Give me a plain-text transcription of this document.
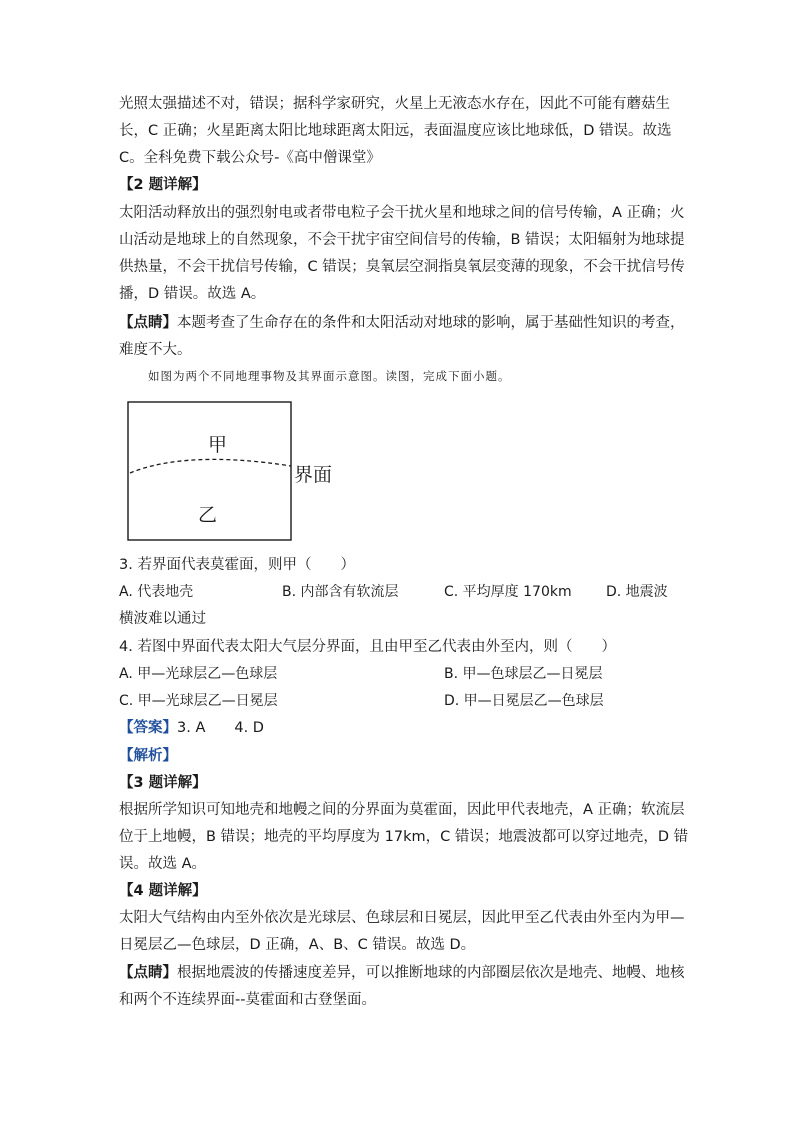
光照太强描述不对，错误；据科学家研究，火星上无液态水存在，因此不可能有蘑菇生
长，C 正确；火星距离太阳比地球距离太阳远，表面温度应该比地球低，D 错误。故选
C。全科免费下载公众号-《高中僧课堂》
【2 题详解】
太阳活动释放出的强烈射电或者带电粒子会干扰火星和地球之间的信号传输，A 正确；火
山活动是地球上的自然现象，不会干扰宇宙空间信号的传输，B 错误；太阳辐射为地球提
供热量，不会干扰信号传输，C 错误；臭氧层空洞指臭氧层变薄的现象，不会干扰信号传
播，D 错误。故选 A。
【点睛】本题考查了生命存在的条件和太阳活动对地球的影响，属于基础性知识的考查，
难度不大。
如图为两个不同地理事物及其界面示意图。读图，完成下面小题。
甲
乙
界面
3. 若界面代表莫霍面，则甲（　　）
A. 代表地壳	B. 内部含有软流层	C. 平均厚度 170km D. 地震波
横波难以通过
4. 若图中界面代表太阳大气层分界面，且由甲至乙代表由外至内，则（　　）
A. 甲—光球层乙—色球层	B. 甲—色球层乙—日冕层
C. 甲—光球层乙—日冕层	D. 甲—日冕层乙—色球层
【答案】3. A　　4. D
【解析】
【3 题详解】
根据所学知识可知地壳和地幔之间的分界面为莫霍面，因此甲代表地壳，A 正确；软流层
位于上地幔，B 错误；地壳的平均厚度为 17km，C 错误；地震波都可以穿过地壳，D 错
误。故选 A。
【4 题详解】
太阳大气结构由内至外依次是光球层、色球层和日冕层，因此甲至乙代表由外至内为甲—
日冕层乙—色球层，D 正确，A、B、C 错误。故选 D。
【点睛】根据地震波的传播速度差异，可以推断地球的内部圈层依次是地壳、地幔、地核
和两个不连续界面--莫霍面和古登堡面。
